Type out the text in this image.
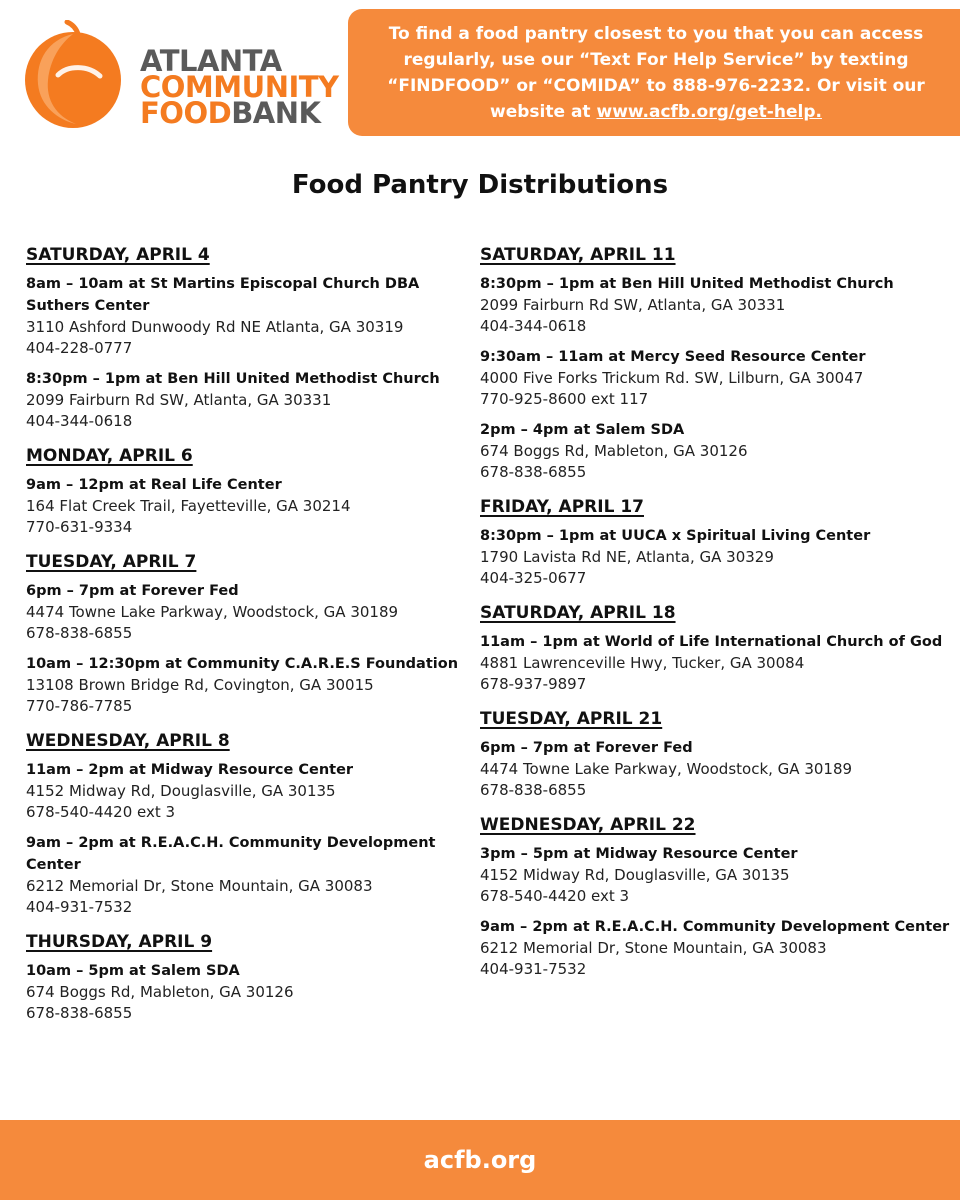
ATLANTA
COMMUNITY
FOODBANK
To find a food pantry closest to you that you can access regularly, use our “Text For Help Service” by texting “FINDFOOD” or “COMIDA” to 888-976-2232. Or visit our website at www.acfb.org/get-help.
Food Pantry Distributions
SATURDAY, APRIL 4
8am – 10am at St Martins Episcopal Church DBA Suthers Center
3110 Ashford Dunwoody Rd NE Atlanta, GA 30319
404-228-0777
8:30pm – 1pm at Ben Hill United Methodist Church
2099 Fairburn Rd SW, Atlanta, GA 30331
404-344-0618
MONDAY, APRIL 6
9am – 12pm at Real Life Center
164 Flat Creek Trail, Fayetteville, GA 30214
770-631-9334
TUESDAY, APRIL 7
6pm – 7pm at Forever Fed
4474 Towne Lake Parkway, Woodstock, GA 30189
678-838-6855
10am – 12:30pm at Community C.A.R.E.S Foundation
13108 Brown Bridge Rd, Covington, GA 30015
770-786-7785
WEDNESDAY, APRIL 8
11am – 2pm at Midway Resource Center
4152 Midway Rd, Douglasville, GA 30135
678-540-4420 ext 3
9am – 2pm at R.E.A.C.H. Community Development Center
6212 Memorial Dr, Stone Mountain, GA 30083
404-931-7532
THURSDAY, APRIL 9
10am – 5pm at Salem SDA
674 Boggs Rd, Mableton, GA 30126
678-838-6855
SATURDAY, APRIL 11
8:30pm – 1pm at Ben Hill United Methodist Church
2099 Fairburn Rd SW, Atlanta, GA 30331
404-344-0618
9:30am – 11am at Mercy Seed Resource Center
4000 Five Forks Trickum Rd. SW, Lilburn, GA 30047
770-925-8600 ext 117
2pm – 4pm at Salem SDA
674 Boggs Rd, Mableton, GA 30126
678-838-6855
FRIDAY, APRIL 17
8:30pm – 1pm at UUCA x Spiritual Living Center
1790 Lavista Rd NE, Atlanta, GA 30329
404-325-0677
SATURDAY, APRIL 18
11am – 1pm at World of Life International Church of God
4881 Lawrenceville Hwy, Tucker, GA 30084
678-937-9897
TUESDAY, APRIL 21
6pm – 7pm at Forever Fed
4474 Towne Lake Parkway, Woodstock, GA 30189
678-838-6855
WEDNESDAY, APRIL 22
3pm – 5pm at Midway Resource Center
4152 Midway Rd, Douglasville, GA 30135
678-540-4420 ext 3
9am – 2pm at R.E.A.C.H. Community Development Center
6212 Memorial Dr, Stone Mountain, GA 30083
404-931-7532
acfb.org
